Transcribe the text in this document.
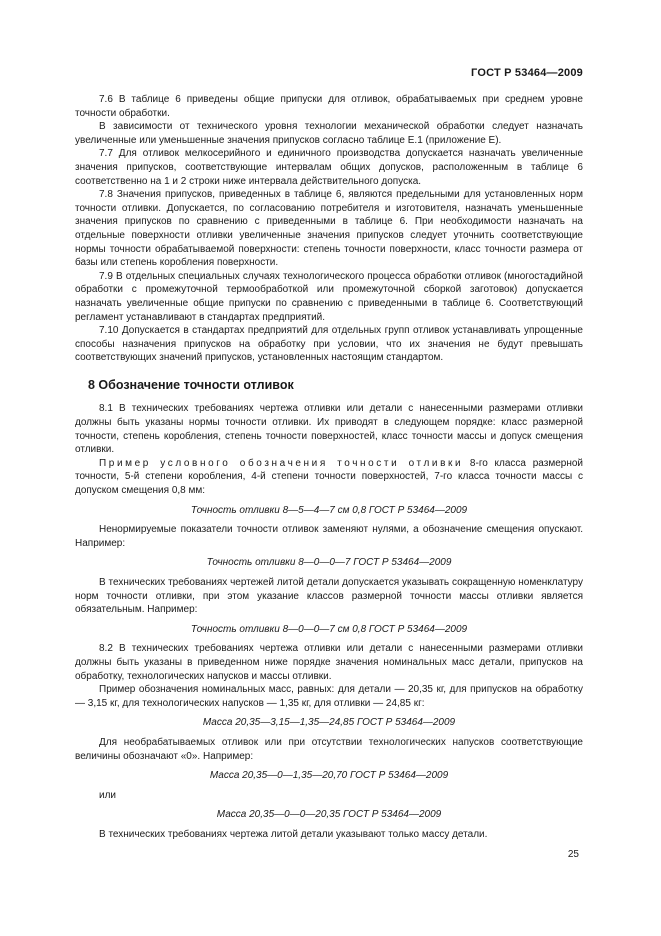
ГОСТ Р 53464—2009

7.6 В таблице 6 приведены общие припуски для отливок, обрабатываемых при среднем уровне точности обработки.

В зависимости от технического уровня технологии механической обработки следует назначать увеличенные или уменьшенные значения припусков согласно таблице Е.1 (приложение Е).

7.7 Для отливок мелкосерийного и единичного производства допускается назначать увеличенные значения припусков, соответствующие интервалам общих допусков, расположенным в таблице 6 соответственно на 1 и 2 строки ниже интервала действительного допуска.

7.8 Значения припусков, приведенных в таблице 6, являются предельными для установленных норм точности отливки. Допускается, по согласованию потребителя и изготовителя, назначать уменьшенные значения припусков по сравнению с приведенными в таблице 6. При необходимости назначать на отдельные поверхности отливки увеличенные значения припусков следует уточнить соответствующие нормы точности обрабатываемой поверхности: степень точности поверхности, класс точности размера от базы или степень коробления поверхности.

7.9 В отдельных специальных случаях технологического процесса обработки отливок (многостадийной обработки с промежуточной термообработкой или промежуточной сборкой заготовок) допускается назначать увеличенные общие припуски по сравнению с приведенными в таблице 6. Соответствующий регламент устанавливают в стандартах предприятий.

7.10 Допускается в стандартах предприятий для отдельных групп отливок устанавливать упрощенные способы назначения припусков на обработку при условии, что их значения не будут превышать соответствующих значений припусков, установленных настоящим стандартом.

8 Обозначение точности отливок

8.1 В технических требованиях чертежа отливки или детали с нанесенными размерами отливки должны быть указаны нормы точности отливки. Их приводят в следующем порядке: класс размерной точности, степень коробления, степень точности поверхностей, класс точности массы и допуск смещения отливки.

Пример условного обозначения точности отливки 8-го класса размерной точности, 5-й степени коробления, 4-й степени точности поверхностей, 7-го класса точности массы с допуском смещения 0,8 мм:

Точность отливки 8—5—4—7 см 0,8 ГОСТ Р 53464—2009

Ненормируемые показатели точности отливок заменяют нулями, а обозначение смещения опускают. Например:

Точность отливки 8—0—0—7 ГОСТ Р 53464—2009

В технических требованиях чертежей литой детали допускается указывать сокращенную номенклатуру норм точности отливки, при этом указание классов размерной точности массы отливки является обязательным. Например:

Точность отливки 8—0—0—7 см 0,8 ГОСТ Р 53464—2009

8.2 В технических требованиях чертежа отливки или детали с нанесенными размерами отливки должны быть указаны в приведенном ниже порядке значения номинальных масс детали, припусков на обработку, технологических напусков и массы отливки.

Пример обозначения номинальных масс, равных: для детали — 20,35 кг, для припусков на обработку — 3,15 кг, для технологических напусков — 1,35 кг, для отливки — 24,85 кг:

Масса 20,35—3,15—1,35—24,85 ГОСТ Р 53464—2009

Для необрабатываемых отливок или при отсутствии технологических напусков соответствующие величины обозначают «0». Например:

Масса 20,35—0—1,35—20,70 ГОСТ Р 53464—2009

или

Масса 20,35—0—0—20,35 ГОСТ Р 53464—2009

В технических требованиях чертежа литой детали указывают только массу детали.

25
